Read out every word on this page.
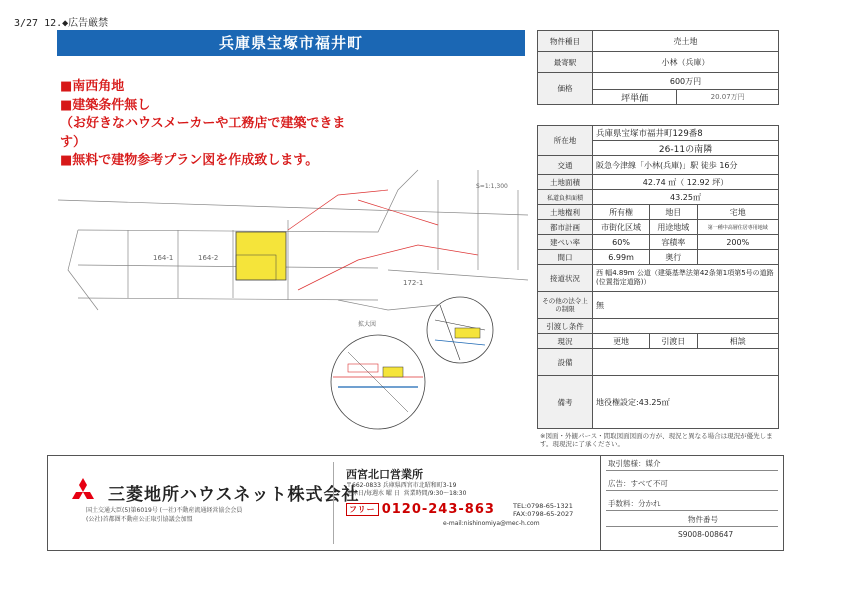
3/27 12.◆広告厳禁
兵庫県宝塚市福井町
■ 南西角地
■ 建築条件無し
（お好きなハウスメーカーや工務店で建築できます）
■ 無料で建物参考プラン図を作成致します。
164-1	164-2
172-1
S=1:1,300
拡大図
物件種目	売土地	
最寄駅	小林（兵庫）	
価格	600万円	
	坪単価	20.07万円
所在地	兵庫県宝塚市福井町129番8		
	26-11の南隣		
交通	阪急今津線「小林(兵庫)」駅 徒歩 16分		
土地面積	42.74 ㎡（ 12.92 坪）		
私道負担面積	43.25㎡		
土地権利	所有権	地目	宅地
都市計画	市街化区域	用途地域	第一種中高層住居専用地域
建ぺい率	60%	容積率	200%
間口	6.99m	奥行	
接道状況	西 幅4.89m 公道（建築基準法第42条第1項第5号の道路(位置指定道路)）		
その他の法令上の制限	無		
引渡し条件			
現況	更地	引渡日	相談
設備			
備考	地役権設定:43.25㎡		
※図面・外観パース・間取図面図面の方が、現況と異なる場合は現況が優先します。現現況に了承ください。
三菱地所ハウスネット株式会社
国土交通大臣(5)第6019号 (一社)不動産流通経営協会会員
(公社)首都圏不動産公正取引協議会加盟
西宮北口営業所
〒662-0833 兵庫県西宮市北昭和町3-19
定休日/毎週水 曜 日  営業時間/9:30～18:30
フリー 0120-243-863	TEL:0798-65-1321
FAX:0798-65-2027
e-mail:nishinomiya@mec-h.com
取引態様：媒介
広告：すべて不可
手数料：分かれ
物件番号
S9008-008647
